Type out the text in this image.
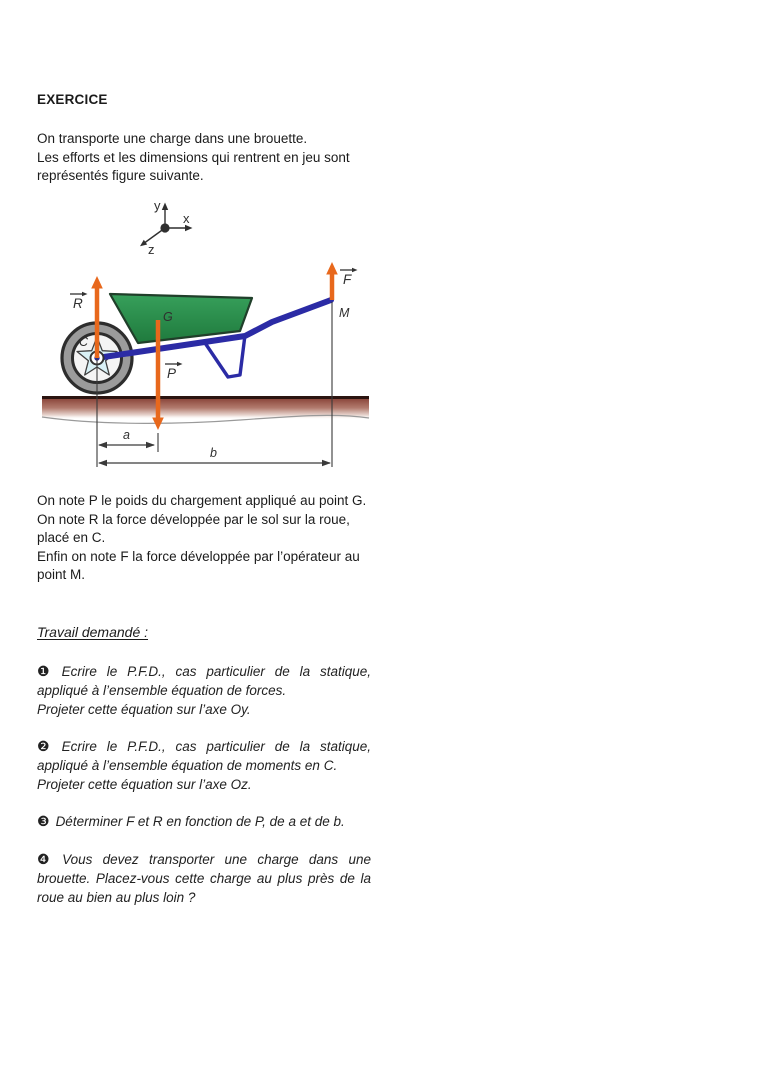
EXERCICE
On transporte une charge dans une brouette.
Les efforts et les dimensions qui rentrent en jeu sont représentés figure suivante.
y
x
z
R
F
P
C
G	M
a
b
On note P le poids du chargement appliqué au point G.
On note R la force développée par le sol sur la roue, placé en C.
Enfin on note F la force développée par l’opérateur au point M.
Travail demandé :
❶ Ecrire le P.F.D., cas particulier de la statique, appliqué à l’ensemble équation de forces.
Projeter cette équation sur l’axe Oy.
❷ Ecrire le P.F.D., cas particulier de la statique, appliqué à l’ensemble équation de moments en C.
Projeter cette équation sur l’axe Oz.
❸ Déterminer F et R en fonction de P, de a et de b.
❹ Vous devez transporter une charge dans une brouette. Placez-vous cette charge au plus près de la roue au bien au plus loin ?
